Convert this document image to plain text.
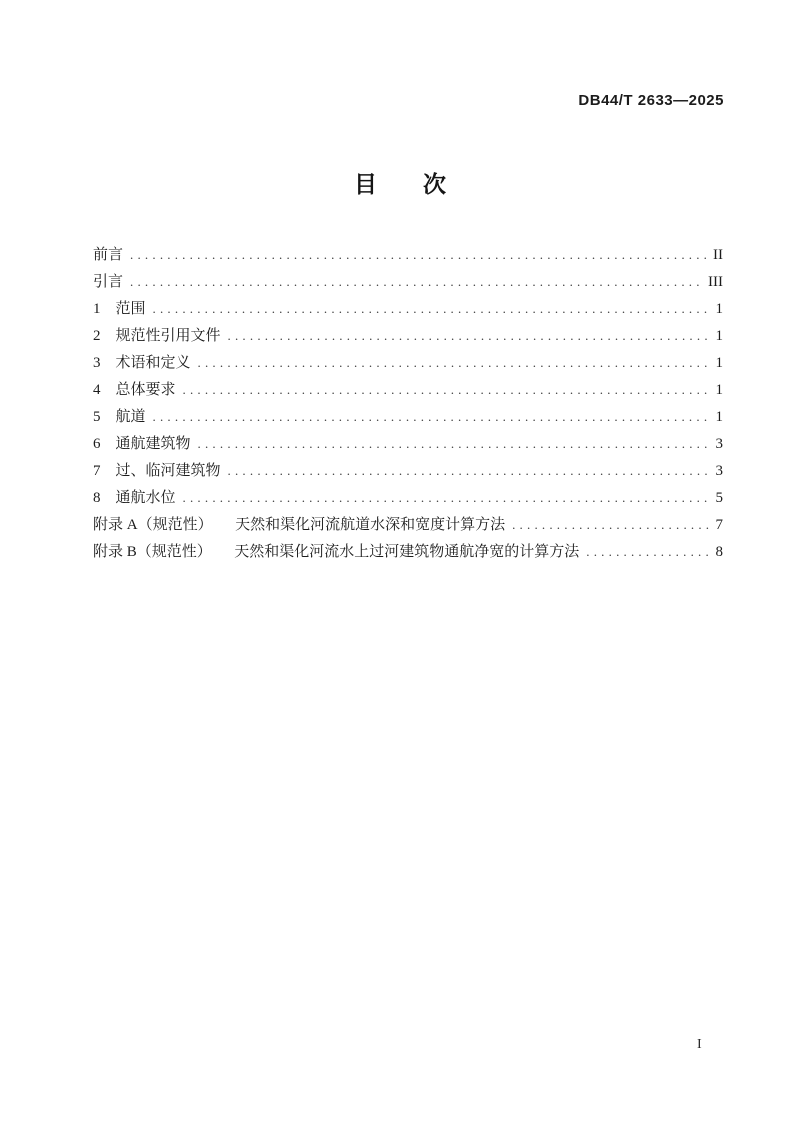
DB44/T 2633—2025
目　　次
前言 .....	II
引言 .....	III
1　范围 .....	1
2　规范性引用文件 .....	1
3　术语和定义 .....	1
4　总体要求 .....	1
5　航道 .....	1
6　通航建筑物 .....	3
7　过、临河建筑物 .....	3
8　通航水位 .....	5
附录 A（规范性）　　天然和渠化河流航道水深和宽度计算方法 .....	7
附录 B（规范性）　　天然和渠化河流水上过河建筑物通航净宽的计算方法 .....	8
I
